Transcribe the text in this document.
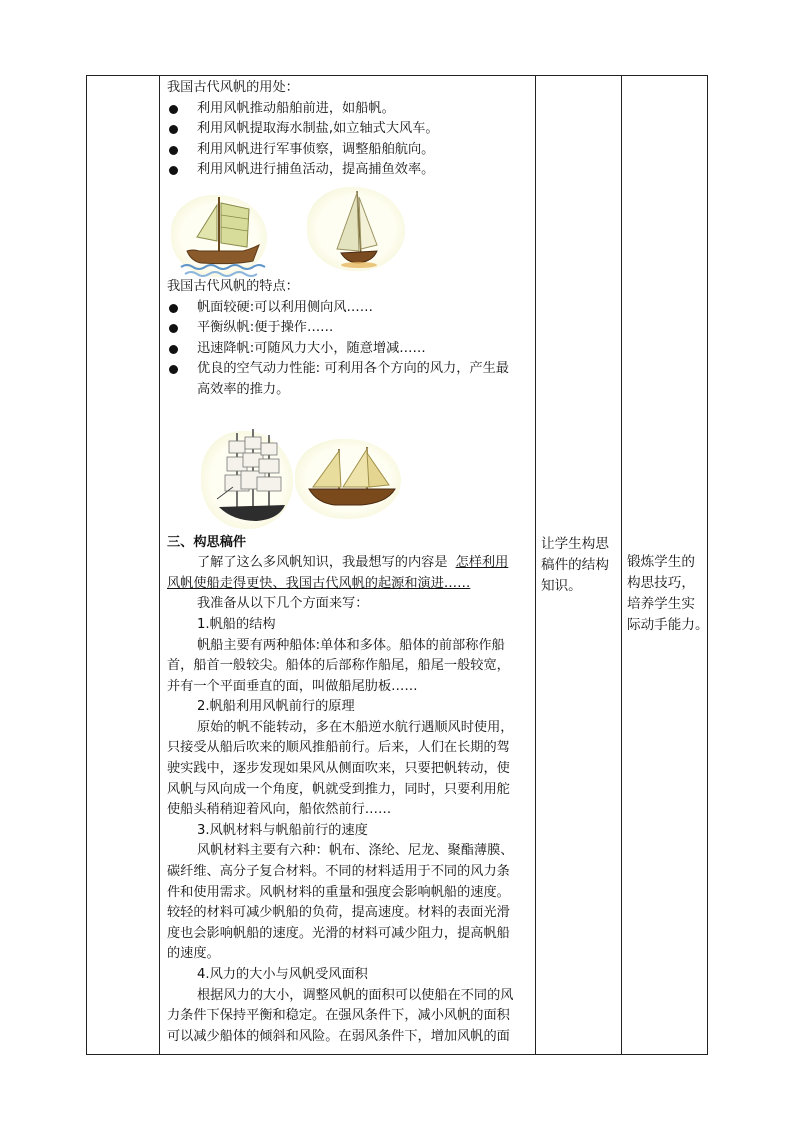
我国古代风帆的用处：
利用风帆推动船舶前进，如船帆。
利用风帆提取海水制盐,如立轴式大风车。
利用风帆进行军事侦察，调整船舶航向。
利用风帆进行捕鱼活动，提高捕鱼效率。
我国古代风帆的特点：
帆面较硬:可以利用侧向风……
平衡纵帆:便于操作……
迅速降帆:可随风力大小，随意增减……
优良的空气动力性能: 可利用各个方向的风力，产生最
高效率的推力。
三、构思稿件
了解了这么多风帆知识，我最想写的内容是 怎样利用
风帆使船走得更快、我国古代风帆的起源和演进……
我准备从以下几个方面来写：
1.帆船的结构
帆船主要有两种船体:单体和多体。船体的前部称作船
首，船首一般较尖。船体的后部称作船尾，船尾一般较宽，
并有一个平面垂直的面，叫做船尾肋板……
2.帆船利用风帆前行的原理
原始的帆不能转动，多在木船逆水航行遇顺风时使用，
只接受从船后吹来的顺风推船前行。后来，人们在长期的驾
驶实践中，逐步发现如果风从侧面吹来，只要把帆转动，使
风帆与风向成一个角度，帆就受到推力，同时，只要利用舵
使船头稍稍迎着风向，船依然前行……
3.风帆材料与帆船前行的速度
风帆材料主要有六种：帆布、涤纶、尼龙、聚酯薄膜、
碳纤维、高分子复合材料。不同的材料适用于不同的风力条
件和使用需求。风帆材料的重量和强度会影响帆船的速度。
较轻的材料可减少帆船的负荷，提高速度。材料的表面光滑
度也会影响帆船的速度。光滑的材料可减少阻力，提高帆船
的速度。
4.风力的大小与风帆受风面积
根据风力的大小，调整风帆的面积可以使船在不同的风
力条件下保持平衡和稳定。在强风条件下，减小风帆的面积
可以减少船体的倾斜和风险。在弱风条件下，增加风帆的面
让学生构思
稿件的结构
知识。
锻炼学生的
构思技巧，
培养学生实
际动手能力。
